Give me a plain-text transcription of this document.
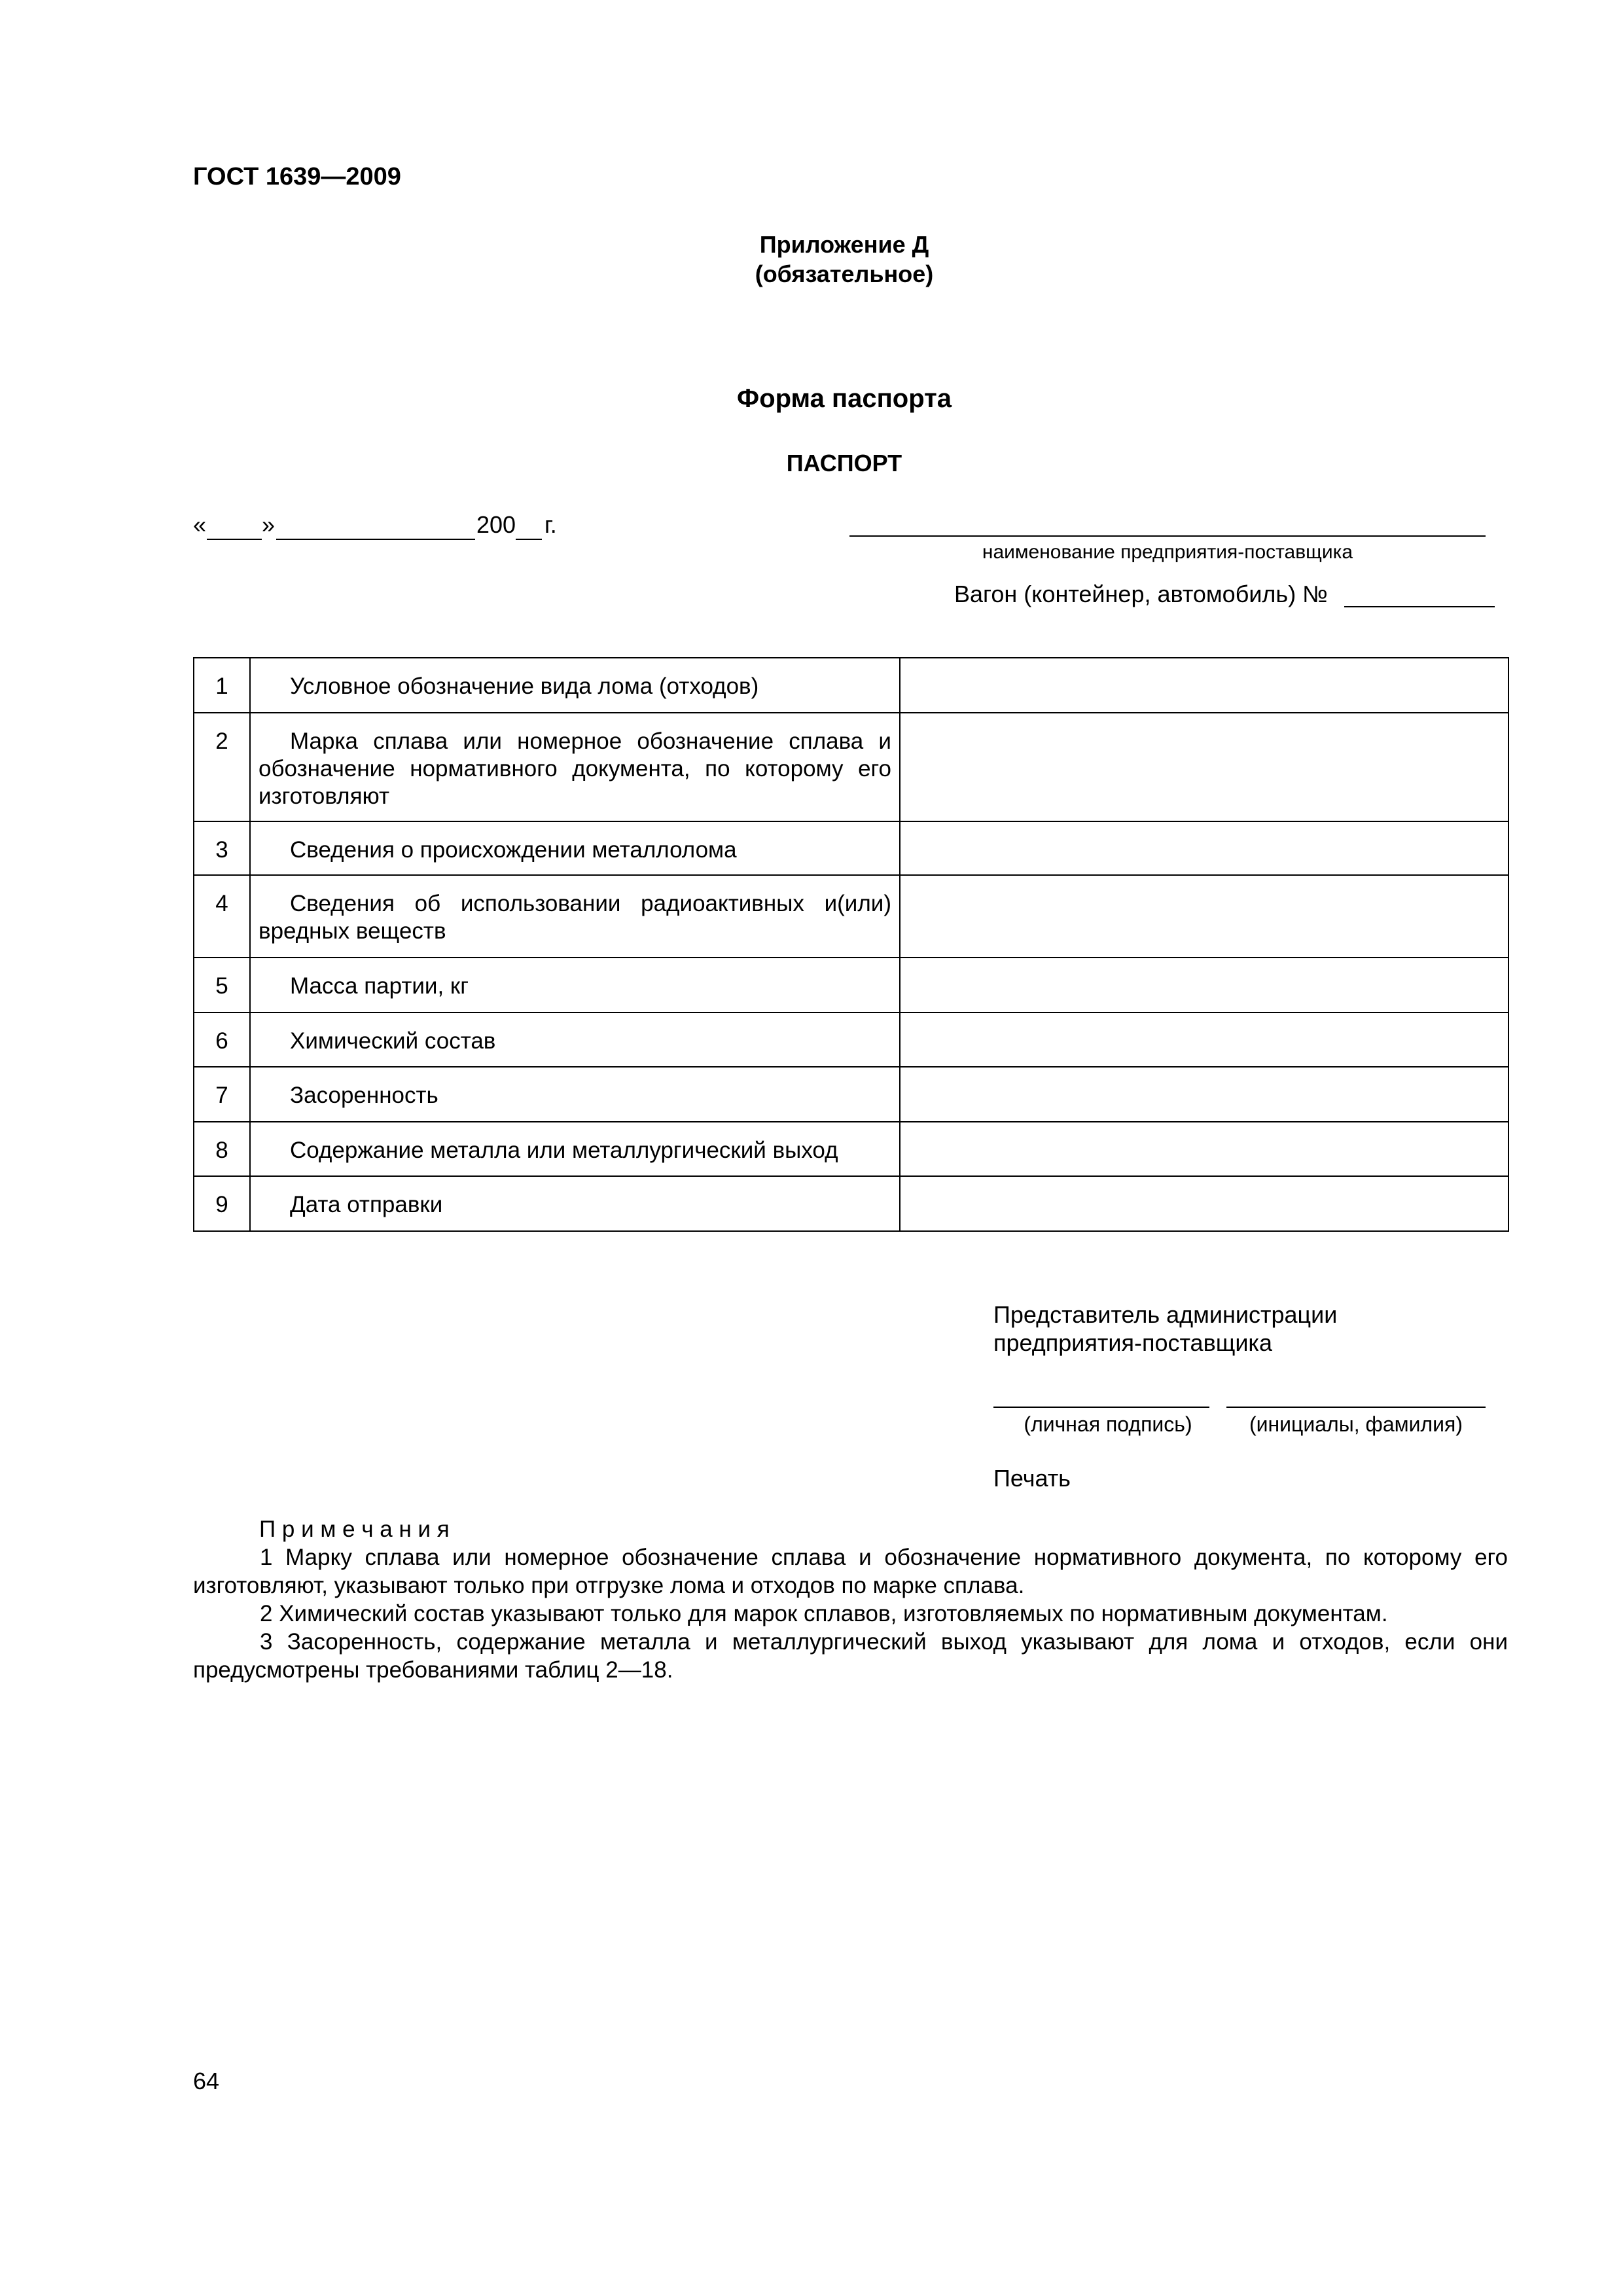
ГОСТ 1639—2009
Приложение Д
(обязательное)
Форма паспорта
ПАСПОРТ
« »	200 г.
наименование предприятия-поставщика
Вагон (контейнер, автомобиль) №
1	Условное обозначение вида лома (отходов)	
2	Марка сплава или номерное обозначение сплава и обозначение нормативного документа, по которому его изготовляют	
3	Сведения о происхождении металлолома	
4	Сведения об использовании радиоактивных и(или) вредных веществ	
5	Масса партии, кг	
6	Химический состав	
7	Засоренность	
8	Содержание металла или металлургический выход	
9	Дата отправки	
Представитель администрации
предприятия-поставщика
(личная подпись)	(инициалы, фамилия)
Печать
П р и м е ч а н и я

1 Марку сплава или номерное обозначение сплава и обозначение нормативного документа, по которому его изготовляют, указывают только при отгрузке лома и отходов по марке сплава.

2 Химический состав указывают только для марок сплавов, изготовляемых по нормативным документам.

3 Засоренность, содержание металла и металлургический выход указывают для лома и отходов, если они предусмотрены требованиями таблиц 2—18.

64
